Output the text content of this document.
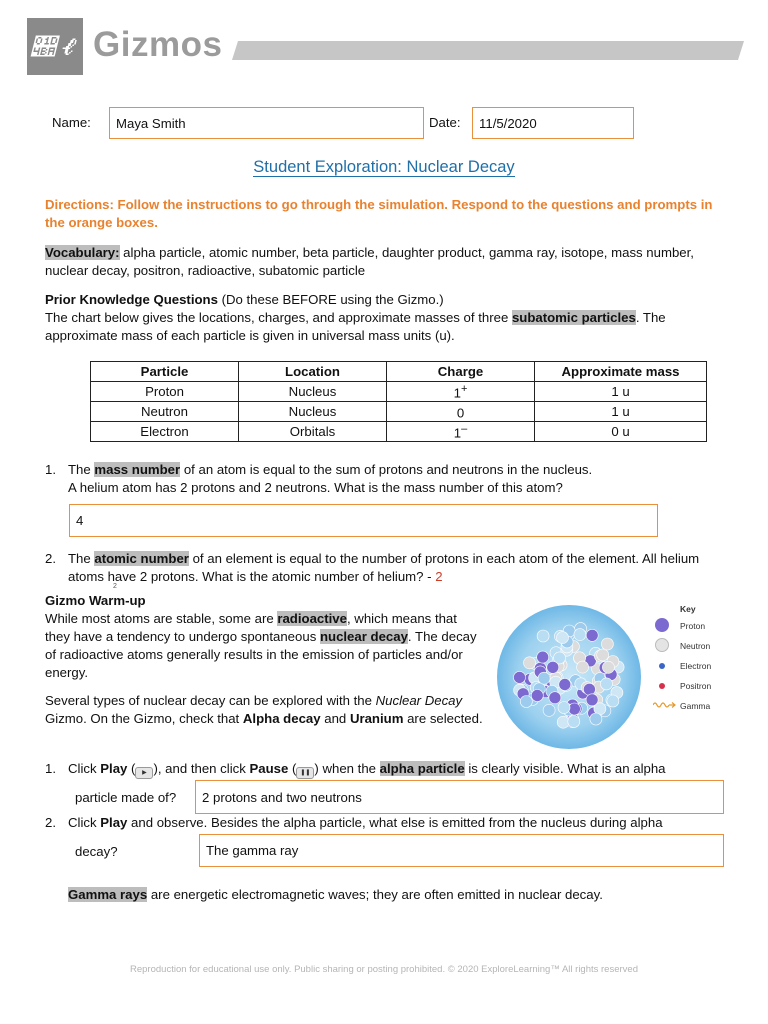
𝒺𝓁 Gizmos
Name: Maya Smith	Date: 11/5/2020
Student Exploration: Nuclear Decay
Directions: Follow the instructions to go through the simulation. Respond to the questions and prompts in the orange boxes.
Vocabulary: alpha particle, atomic number, beta particle, daughter product, gamma ray, isotope, mass number, nuclear decay, positron, radioactive, subatomic particle
Prior Knowledge Questions (Do these BEFORE using the Gizmo.)
The chart below gives the locations, charges, and approximate masses of three subatomic particles. The approximate mass of each particle is given in universal mass units (u).
Particle	Location	Charge	Approximate mass
Proton	Nucleus	1+	1 u
Neutron	Nucleus	0	1 u
Electron	Orbitals	1–	0 u
1. The mass number of an atom is equal to the sum of protons and neutrons in the nucleus.
A helium atom has 2 protons and 2 neutrons. What is the mass number of this atom?
4
2. The atomic number of an element is equal to the number of protons in each atom of the element. All helium atoms have 2 protons. What is the atomic number of helium? - 2
2
Gizmo Warm-up
While most atoms are stable, some are radioactive, which means that they have a tendency to undergo spontaneous nuclear decay. The decay of radioactive atoms generally results in the emission of particles and/or energy.
Several types of nuclear decay can be explored with the Nuclear Decay Gizmo. On the Gizmo, check that Alpha decay and Uranium are selected.
Key
Proton
Neutron
Electron
Positron
Gamma
1. Click Play ( ▶ ), and then click Pause ( ❚❚ ) when the alpha particle is clearly visible. What is an alpha
particle made of? 2 protons and two neutrons
2. Click Play and observe. Besides the alpha particle, what else is emitted from the nucleus during alpha
decay?	The gamma ray
Gamma rays are energetic electromagnetic waves; they are often emitted in nuclear decay.
Reproduction for educational use only. Public sharing or posting prohibited. © 2020 ExploreLearning™ All rights reserved
